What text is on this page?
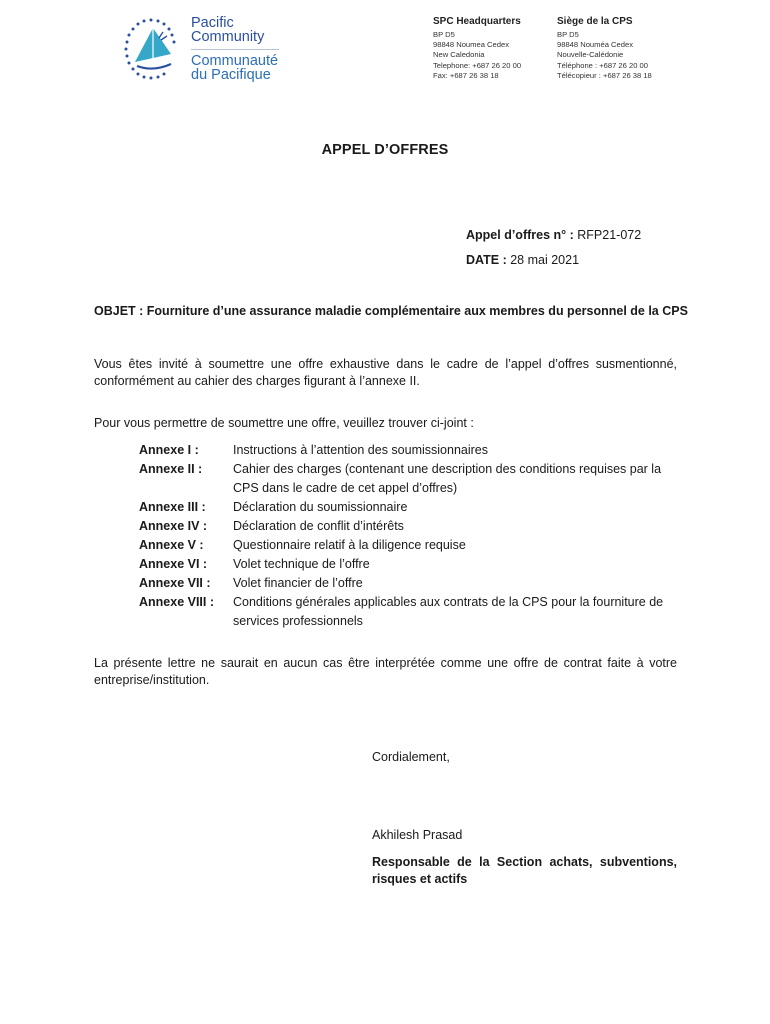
Pacific
Community
Communauté
du Pacifique
SPC Headquarters
BP D5
98848 Noumea Cedex
New Caledonia
Telephone: +687 26 20 00
Fax: +687 26 38 18
Siège de la CPS
BP D5
98848 Nouméa Cedex
Nouvelle-Calédonie
Téléphone : +687 26 20 00
Télécopieur : +687 26 38 18
APPEL D’OFFRES
Appel d’offres n° : RFP21-072
DATE : 28 mai 2021
OBJET : Fourniture d’une assurance maladie complémentaire aux membres du personnel de la CPS
Vous êtes invité à soumettre une offre exhaustive dans le cadre de l’appel d’offres susmentionné, conformément au cahier des charges figurant à l’annexe II.
Pour vous permettre de soumettre une offre, veuillez trouver ci-joint :
Annexe I :	Instructions à l’attention des soumissionnaires
Annexe II :	Cahier des charges (contenant une description des conditions requises par la CPS dans le cadre de cet appel d’offres)
Annexe III :	Déclaration du soumissionnaire
Annexe IV :	Déclaration de conflit d’intérêts
Annexe V :	Questionnaire relatif à la diligence requise
Annexe VI :	Volet technique de l’offre
Annexe VII :	Volet financier de l’offre
Annexe VIII :	Conditions générales applicables aux contrats de la CPS pour la fourniture de services professionnels
La présente lettre ne saurait en aucun cas être interprétée comme une offre de contrat faite à votre entreprise/institution.
Cordialement,
Akhilesh Prasad
Responsable de la Section achats, subventions, risques et actifs
